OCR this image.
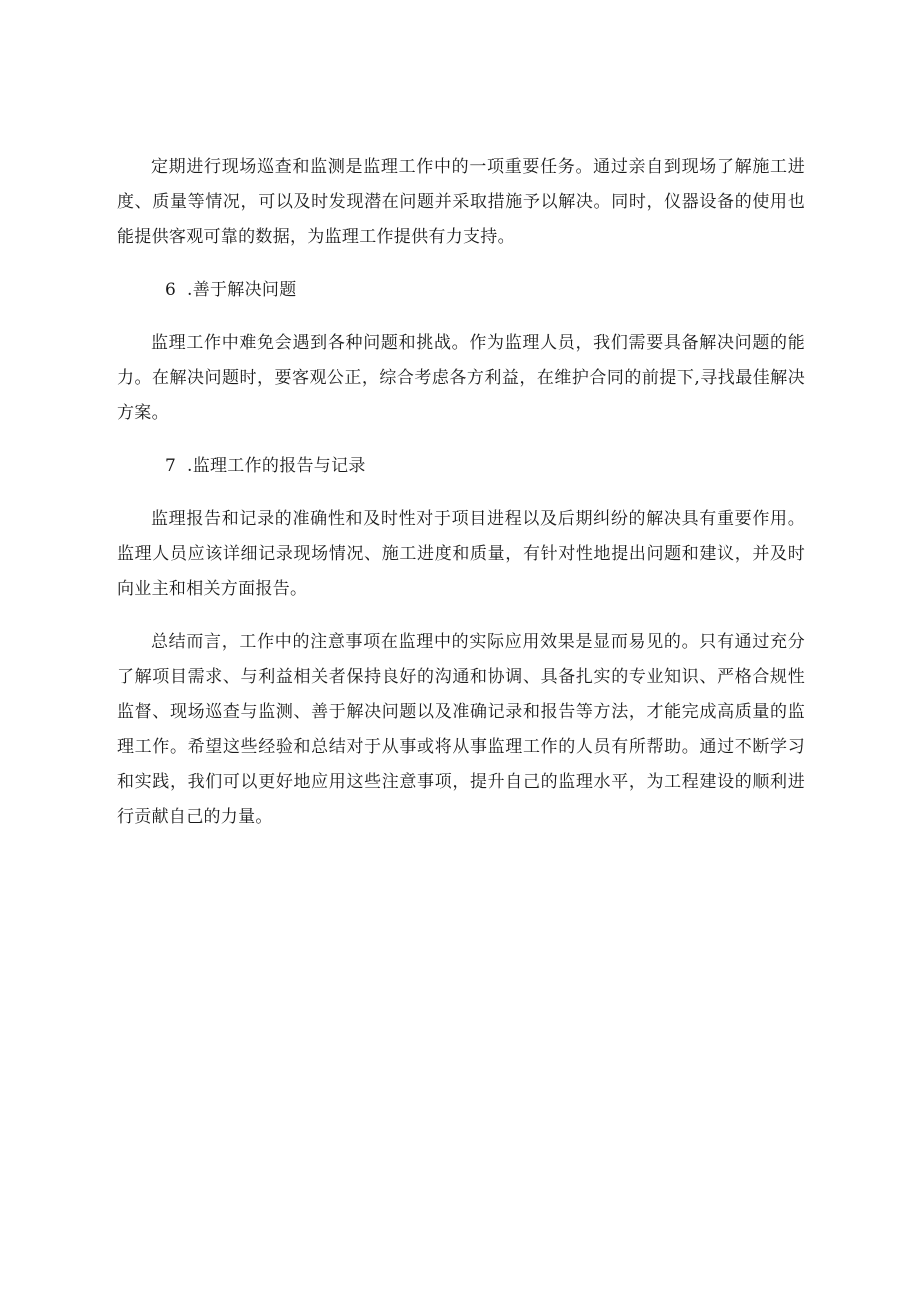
定期进行现场巡查和监测是监理工作中的一项重要任务。通过亲自到现场了解施工进度、质量等情况，可以及时发现潜在问题并采取措施予以解决。同时，仪器设备的使用也能提供客观可靠的数据，为监理工作提供有力支持。

6 .善于解决问题

监理工作中难免会遇到各种问题和挑战。作为监理人员，我们需要具备解决问题的能力。在解决问题时，要客观公正，综合考虑各方利益，在维护合同的前提下,寻找最佳解决方案。

7 .监理工作的报告与记录

监理报告和记录的准确性和及时性对于项目进程以及后期纠纷的解决具有重要作用。监理人员应该详细记录现场情况、施工进度和质量，有针对性地提出问题和建议，并及时向业主和相关方面报告。

总结而言，工作中的注意事项在监理中的实际应用效果是显而易见的。只有通过充分了解项目需求、与利益相关者保持良好的沟通和协调、具备扎实的专业知识、严格合规性监督、现场巡查与监测、善于解决问题以及准确记录和报告等方法，才能完成高质量的监理工作。希望这些经验和总结对于从事或将从事监理工作的人员有所帮助。通过不断学习和实践，我们可以更好地应用这些注意事项，提升自己的监理水平，为工程建设的顺利进行贡献自己的力量。
